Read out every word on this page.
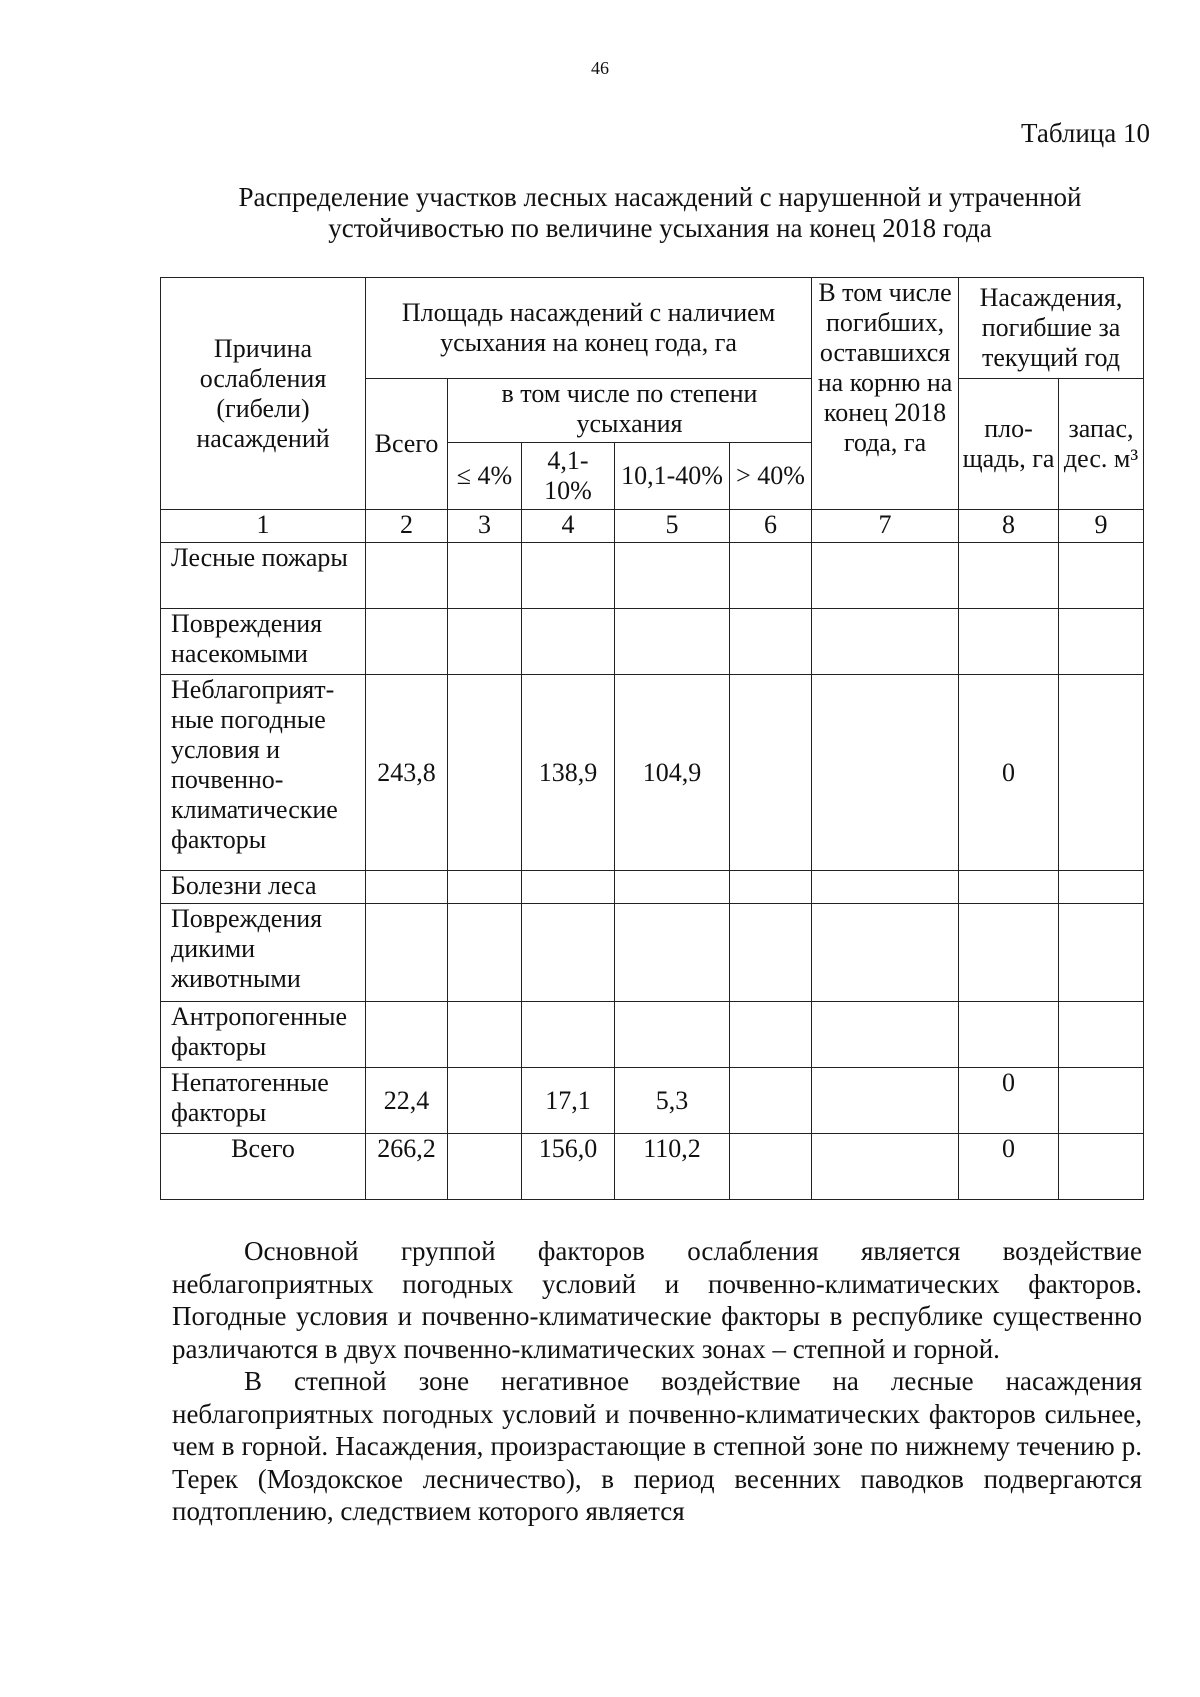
46
Таблица 10
Распределение участков лесных насаждений с нарушенной и утраченной
устойчивостью по величине усыхания на конец 2018 года
Причина ослабления (гибели) насаждений	Площадь насаждений с наличием усыхания на конец года, га					В том числе погибших, оставшихся на корню на конец 2018 года, га	Насаждения, погибшие за текущий год	
	Всего	в том числе по степени усыхания					пло-щадь, га	запас, дес. м³
		≤ 4%	4,1-10%	10,1-40%	> 40%			
1	2	3	4	5	6	7	8	9
Лесные пожары								
Повреждения насекомыми								
Неблагоприят-ные погодные условия и почвенно-климатические факторы	243,8		138,9	104,9			0	
Болезни леса								
Повреждения дикими животными								
Антропогенные факторы								
Непатогенные факторы	22,4		17,1	5,3			0	
Всего	266,2		156,0	110,2			0	

Основной группой факторов ослабления является воздействие неблагоприятных погодных условий и почвенно-климатических факторов. Погодные условия и почвенно-климатические факторы в республике существенно различаются в двух почвенно-климатических зонах – степной и горной.

В степной зоне негативное воздействие на лесные насаждения неблагоприятных погодных условий и почвенно-климатических факторов сильнее, чем в горной. Насаждения, произрастающие в степной зоне по нижнему течению р. Терек (Моздокское лесничество), в период весенних паводков подвергаются подтоплению, следствием которого является
